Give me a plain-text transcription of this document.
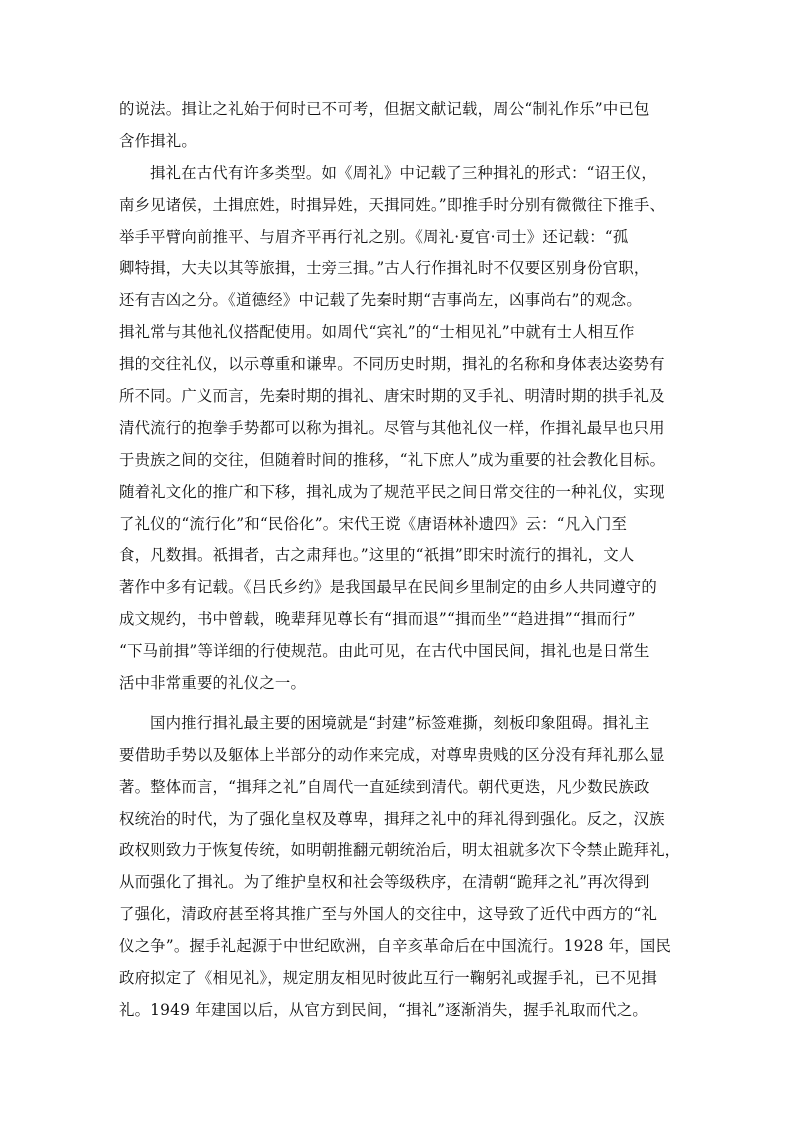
的说法。揖让之礼始于何时已不可考，但据文献记载，周公“制礼作乐”中已包
含作揖礼。
揖礼在古代有许多类型。如《周礼》中记载了三种揖礼的形式：“诏王仪，
南乡见诸侯，土揖庶姓，时揖异姓，天揖同姓。”即推手时分别有微微往下推手、
举手平臂向前推平、与眉齐平再行礼之别。《周礼·夏官·司士》还记载：“孤
卿特揖，大夫以其等旅揖，士旁三揖。”古人行作揖礼时不仅要区别身份官职，
还有吉凶之分。《道德经》中记载了先秦时期“吉事尚左，凶事尚右”的观念。
揖礼常与其他礼仪搭配使用。如周代“宾礼”的“士相见礼”中就有士人相互作
揖的交往礼仪，以示尊重和谦卑。不同历史时期，揖礼的名称和身体表达姿势有
所不同。广义而言，先秦时期的揖礼、唐宋时期的叉手礼、明清时期的拱手礼及
清代流行的抱拳手势都可以称为揖礼。尽管与其他礼仪一样，作揖礼最早也只用
于贵族之间的交往，但随着时间的推移，“礼下庶人”成为重要的社会教化目标。
随着礼文化的推广和下移，揖礼成为了规范平民之间日常交往的一种礼仪，实现
了礼仪的“流行化”和“民俗化”。宋代王谠《唐语林补遗四》云：“凡入门至
食，凡数揖。祇揖者，古之肃拜也。”这里的“祇揖”即宋时流行的揖礼，文人
著作中多有记载。《吕氏乡约》是我国最早在民间乡里制定的由乡人共同遵守的
成文规约，书中曾载，晚辈拜见尊长有“揖而退”“揖而坐”“趋进揖”“揖而行”
“下马前揖”等详细的行使规范。由此可见，在古代中国民间，揖礼也是日常生
活中非常重要的礼仪之一。
国内推行揖礼最主要的困境就是“封建”标签难撕，刻板印象阻碍。揖礼主
要借助手势以及躯体上半部分的动作来完成，对尊卑贵贱的区分没有拜礼那么显
著。整体而言，“揖拜之礼”自周代一直延续到清代。朝代更迭，凡少数民族政
权统治的时代，为了强化皇权及尊卑，揖拜之礼中的拜礼得到强化。反之，汉族
政权则致力于恢复传统，如明朝推翻元朝统治后，明太祖就多次下令禁止跪拜礼，
从而强化了揖礼。为了维护皇权和社会等级秩序，在清朝“跪拜之礼”再次得到
了强化，清政府甚至将其推广至与外国人的交往中，这导致了近代中西方的“礼
仪之争”。握手礼起源于中世纪欧洲，自辛亥革命后在中国流行。1928 年，国民
政府拟定了《相见礼》，规定朋友相见时彼此互行一鞠躬礼或握手礼，已不见揖
礼。1949 年建国以后，从官方到民间，“揖礼”逐渐消失，握手礼取而代之。
